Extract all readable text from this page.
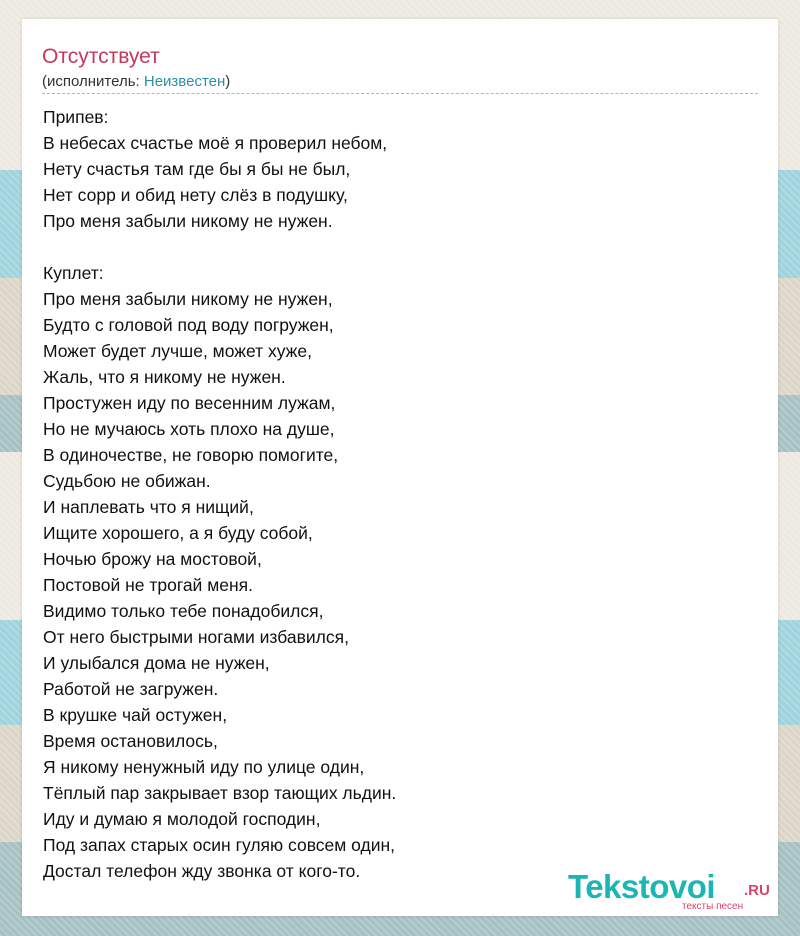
Отсутствует
(исполнитель: Неизвестен)
Припев:
В небесах счастье моё я проверил небом,
Нету счастья там где бы я бы не был,
Нет сорр и обид нету слёз в подушку,
Про меня забыли никому не нужен.
Куплет:
Про меня забыли никому не нужен,
Будто с головой под воду погружен,
Может будет лучше, может хуже,
Жаль, что я никому не нужен.
Простужен иду по весенним лужам,
Но не мучаюсь хоть плохо на душе,
В одиночестве, не говорю помогите,
Судьбою не обижан.
И наплевать что я нищий,
Ищите хорошего, а я буду собой,
Ночью брожу на мостовой,
Постовой не трогай меня.
Видимо только тебе понадобился,
От него быстрыми ногами избавился,
И улыбался дома не нужен,
Работой не загружен.
В крушке чай остужен,
Время остановилось,
Я никому ненужный иду по улице один,
Тёплый пар закрывает взор тающих льдин.
Иду и думаю я молодой господин,
Под запах старых осин гуляю совсем один,
Достал телефон жду звонка от кого-то.	Tekstovoi .RU
тексты песен
